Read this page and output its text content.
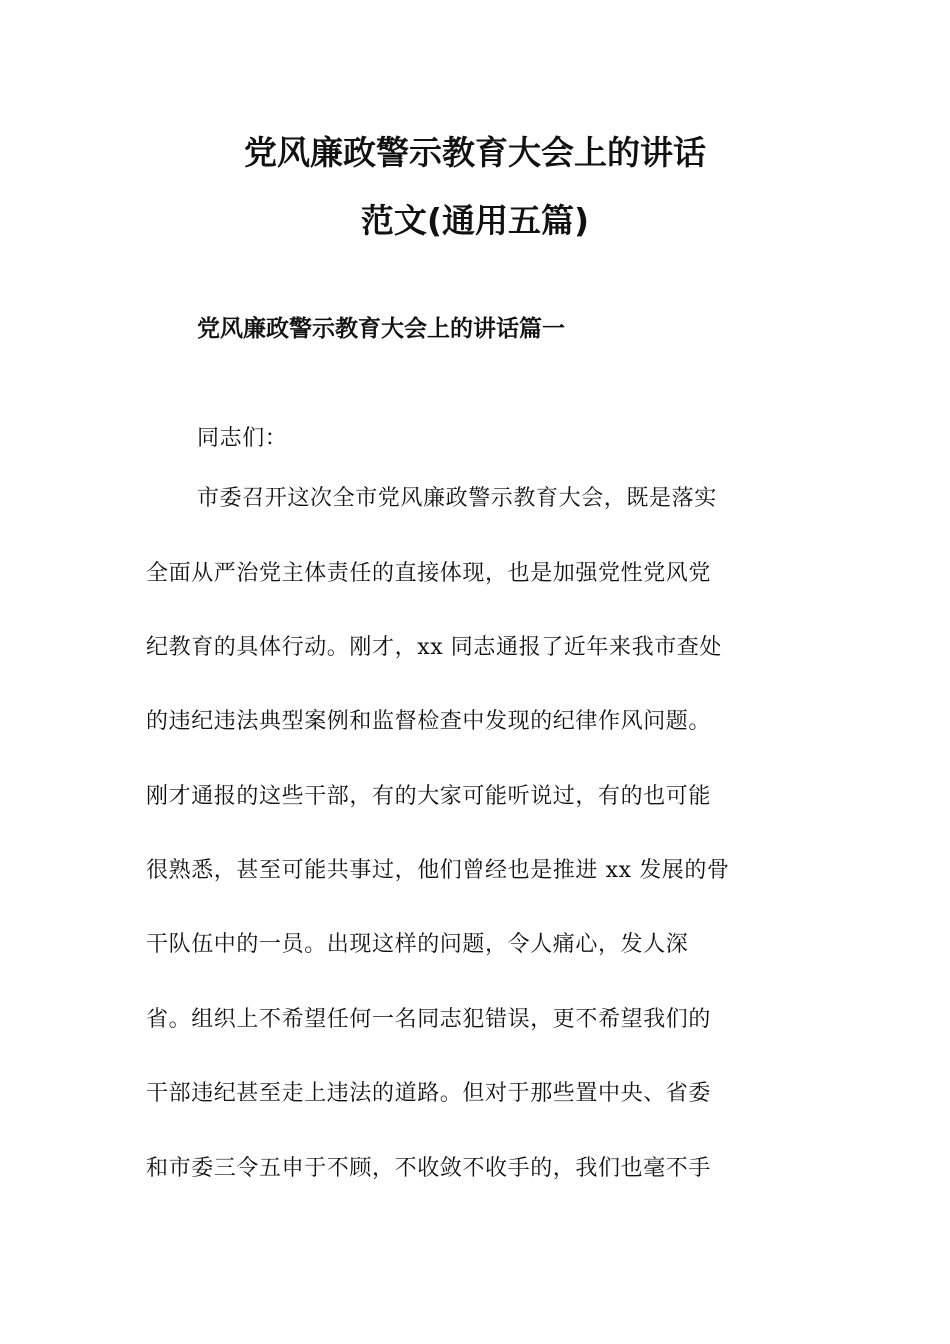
党风廉政警示教育大会上的讲话
范文(通用五篇)
党风廉政警示教育大会上的讲话篇一

同志们：

市委召开这次全市党风廉政警示教育大会，既是落实

全面从严治党主体责任的直接体现，也是加强党性党风党

纪教育的具体行动。刚才，xx 同志通报了近年来我市查处

的违纪违法典型案例和监督检查中发现的纪律作风问题。

刚才通报的这些干部，有的大家可能听说过，有的也可能

很熟悉，甚至可能共事过，他们曾经也是推进 xx 发展的骨

干队伍中的一员。出现这样的问题，令人痛心，发人深

省。组织上不希望任何一名同志犯错误，更不希望我们的

干部违纪甚至走上违法的道路。但对于那些置中央、省委

和市委三令五申于不顾，不收敛不收手的，我们也毫不手
